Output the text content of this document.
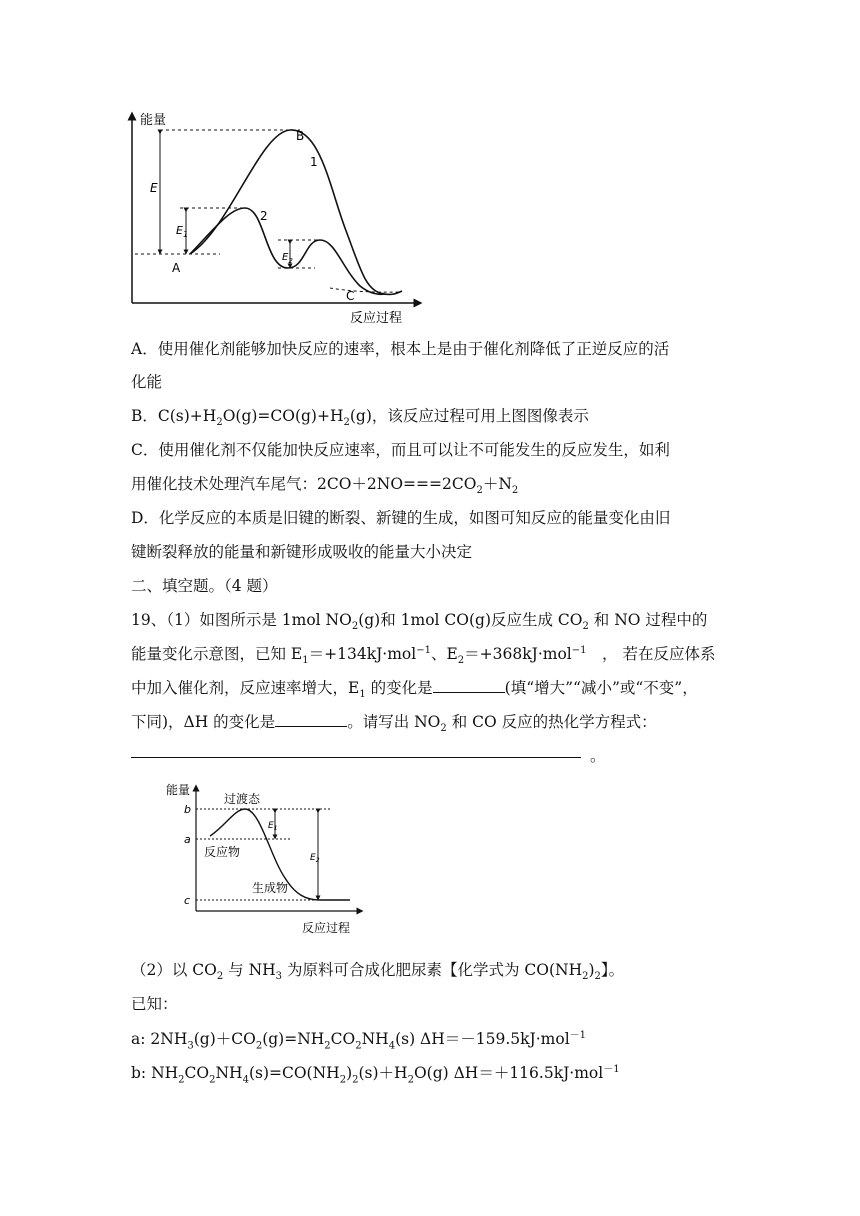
能量
反应过程
E
$E_1$
$E_2$
A
B
C
1
2
A．使用催化剂能够加快反应的速率，根本上是由于催化剂降低了正逆反应的活
化能
B．$C(s)+H_2O(g)=CO(g)+H_2(g)$，该反应过程可用上图图像表示
C．使用催化剂不仅能加快反应速率，而且可以让不可能发生的反应发生，如利
用催化技术处理汽车尾气：$2CO+2NO===2CO_2+N_2$
D．化学反应的本质是旧键的断裂、新键的生成，如图可知反应的能量变化由旧
键断裂释放的能量和新键形成吸收的能量大小决定
二、填空题。（4 题）
19、（1）如图所示是 1mol $NO_2(g)$和 1mol CO(g)反应生成 $CO_2$ 和 NO 过程中的
能量变化示意图，已知 $E_1=+134kJ\cdot mol^{-1}$、$E_2=+368kJ\cdot mol^{-1}$　， 若在反应体系
中加入催化剂，反应速率增大，$E_1$ 的变化是	(填“增大”“减小”或“不变”，
下同)，ΔH 的变化是	。请写出 $NO_2$ 和 CO 反应的热化学方程式：
。
能量
反应过程
b
a
c
$E_1$
$E_2$
过渡态
反应物
生成物
（2）以 $CO_2$ 与 $NH_3$ 为原料可合成化肥尿素【化学式为 $CO(NH_2)_2$】。
已知：
a: $2NH_3(g)+CO_2(g)=NH_2CO_2NH_4(s)$ ΔH＝－159.5kJ·mol$^{-1}$
b: $NH_2CO_2NH_4(s)=CO(NH_2)_2(s)+H_2O(g)$ ΔH＝＋116.5kJ·mol$^{-1}$
